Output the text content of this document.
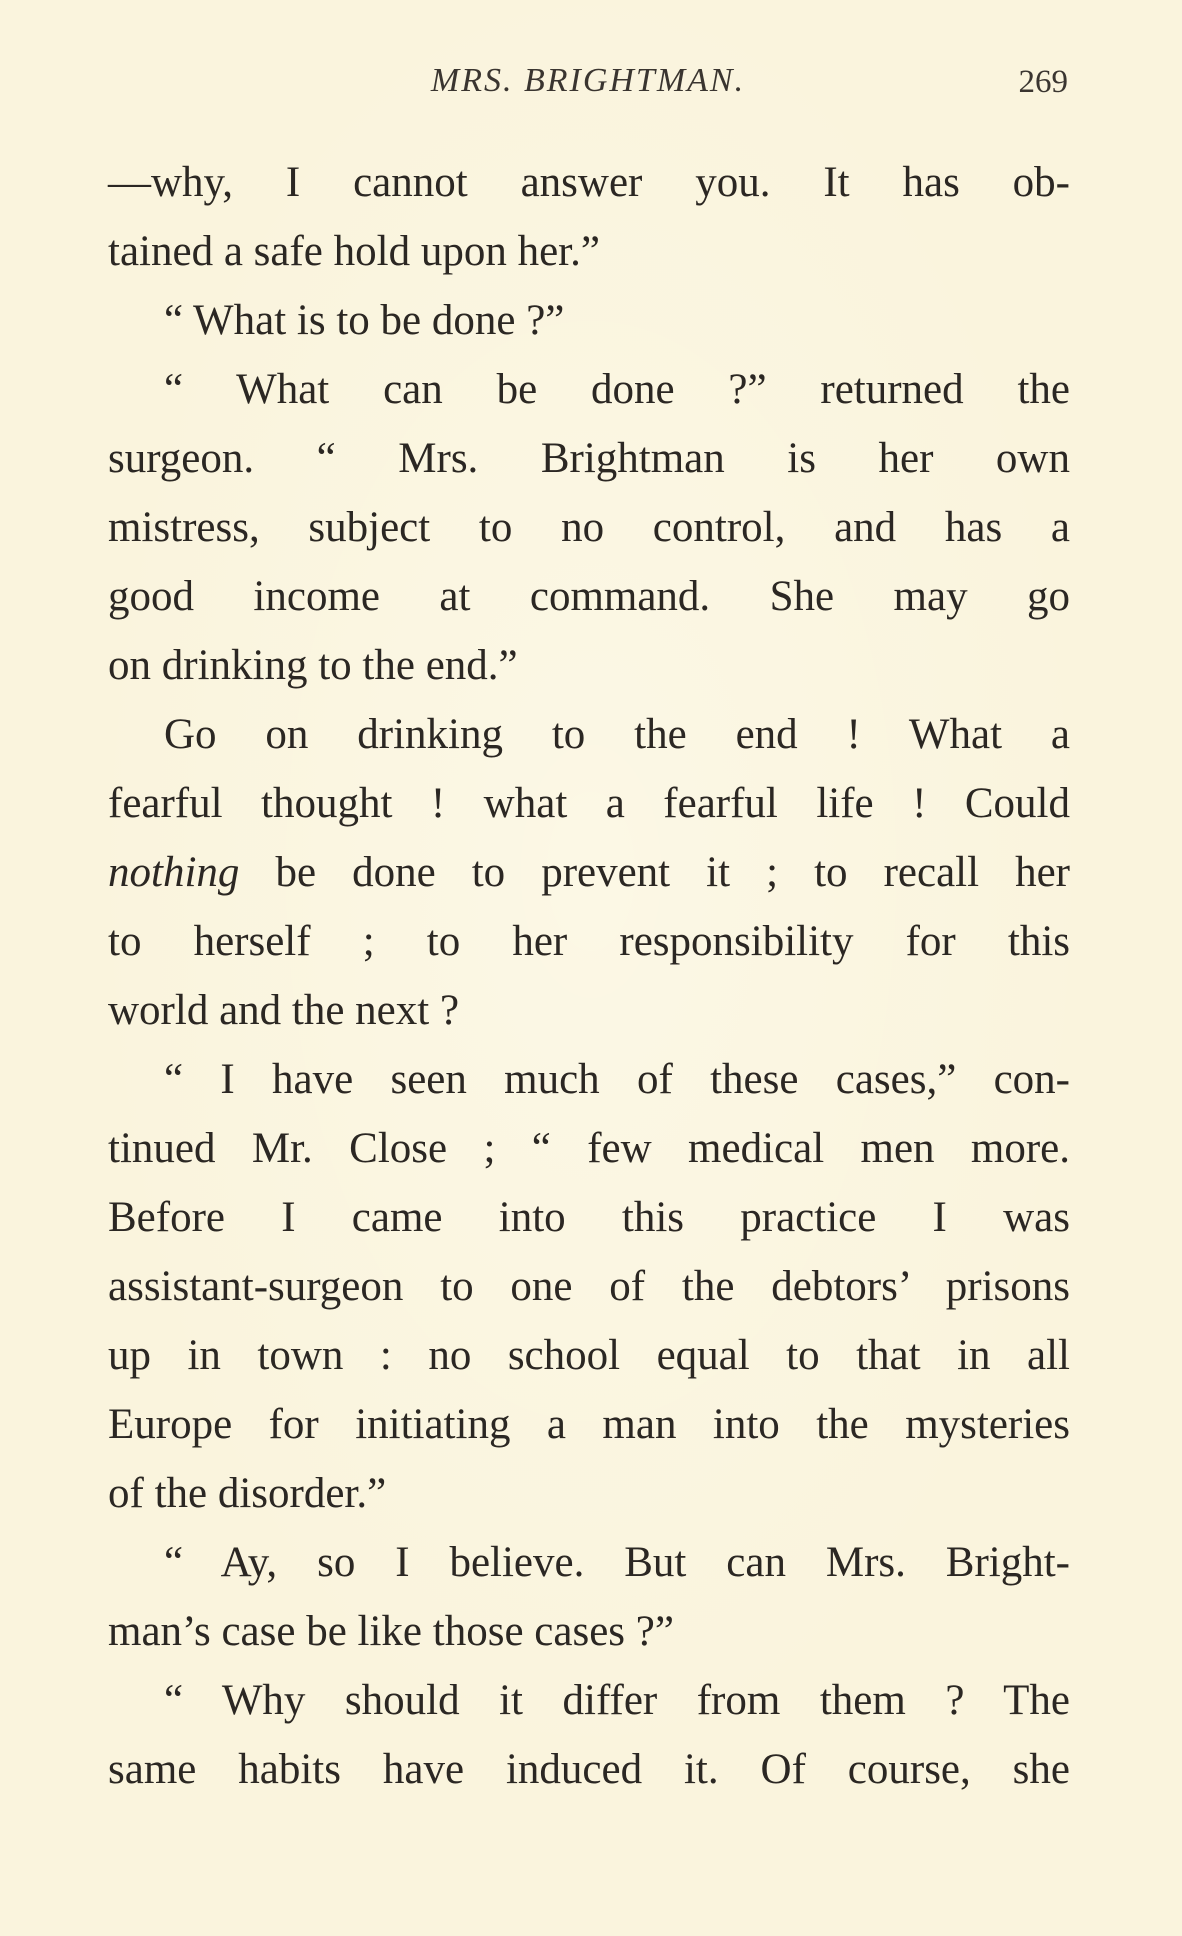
MRS. BRIGHTMAN.	269
—why, I cannot answer you. It has ob-
tained a safe hold upon her.”
“ What is to be done ?”
“ What can be done ?” returned the
surgeon. “ Mrs. Brightman is her own
mistress, subject to no control, and has a
good income at command. She may go
on drinking to the end.”
Go on drinking to the end ! What a
fearful thought ! what a fearful life ! Could
nothing be done to prevent it ; to recall her
to herself ; to her responsibility for this
world and the next ?
“ I have seen much of these cases,” con-
tinued Mr. Close ; “ few medical men more.
Before I came into this practice I was
assistant-surgeon to one of the debtors’ prisons
up in town : no school equal to that in all
Europe for initiating a man into the mysteries
of the disorder.”
“ Ay, so I believe. But can Mrs. Bright-
man’s case be like those cases ?”
“ Why should it differ from them ? The
same habits have induced it. Of course, she
